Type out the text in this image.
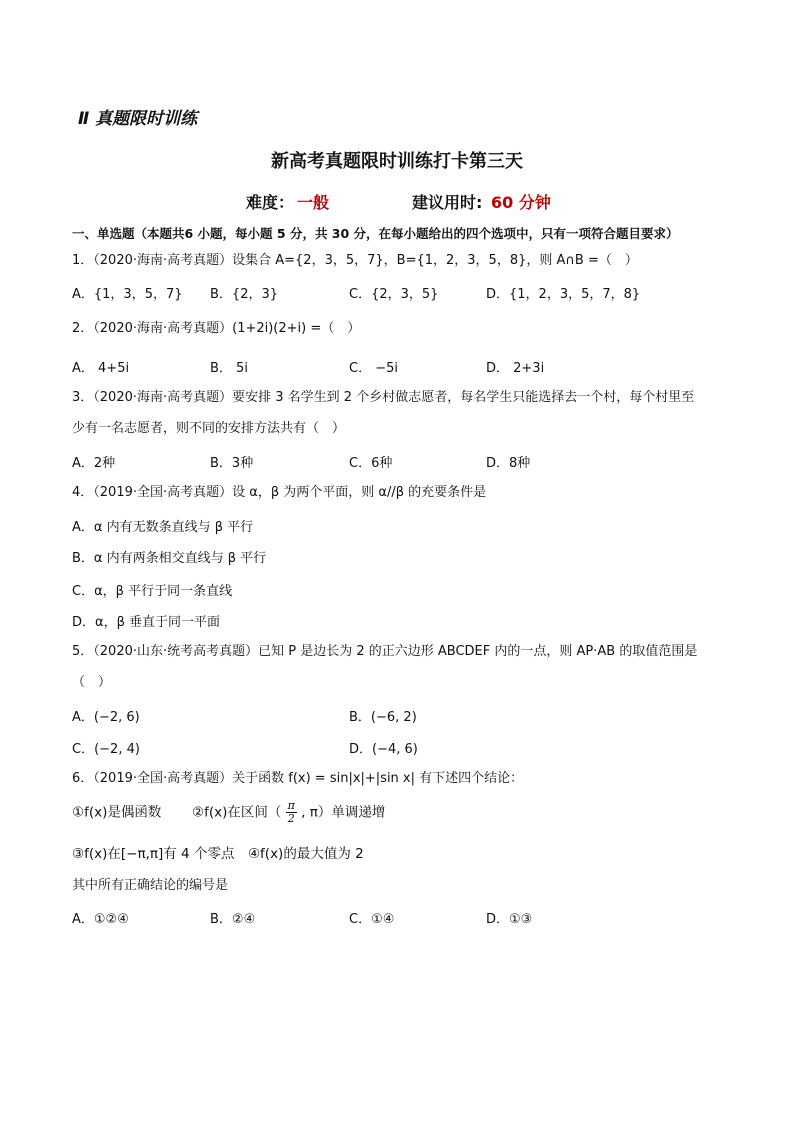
Ⅱ 真题限时训练
新高考真题限时训练打卡第三天
难度： 一般	建议用时: 60 分钟
一、单选题（本题共6 小题，每小题 5 分，共 30 分，在每小题给出的四个选项中，只有一项符合题目要求）
1．（2020·海南·高考真题）设集合 A={2，3，5，7}，B={1，2，3，5，8}，则 A∩B =（　）
A．{1，3，5，7} B．{2，3}	C．{2，3，5}	D．{1，2，3，5，7，8}
2．（2020·海南·高考真题）(1+2i)(2+i) =（　）
A． 4+5i	B． 5i	C． −5i	D． 2+3i
3．（2020·海南·高考真题）要安排 3 名学生到 2 个乡村做志愿者，每名学生只能选择去一个村，每个村里至
少有一名志愿者，则不同的安排方法共有（　）
A．2种	B．3种	C．6种	D．8种
4．（2019·全国·高考真题）设 α，β 为两个平面，则 α//β 的充要条件是
A．α 内有无数条直线与 β 平行
B．α 内有两条相交直线与 β 平行
C．α，β 平行于同一条直线
D．α，β 垂直于同一平面
5．（2020·山东·统考高考真题）已知 P 是边长为 2 的正六边形 ABCDEF 内的一点，则 AP·AB 的取值范围是
（　）
A．(−2, 6)	B．(−6, 2)
C．(−2, 4)	D．(−4, 6)
6．（2019·全国·高考真题）关于函数 f(x) = sin|x|+|sin x| 有下述四个结论：
①f(x)是偶函数 ②f(x)在区间（ $\frac{\pi}{2}$ , π）单调递增
③f(x)在[−π,π]有 4 个零点　④f(x)的最大值为 2
其中所有正确结论的编号是
A．①②④	B．②④	C．①④	D．①③
